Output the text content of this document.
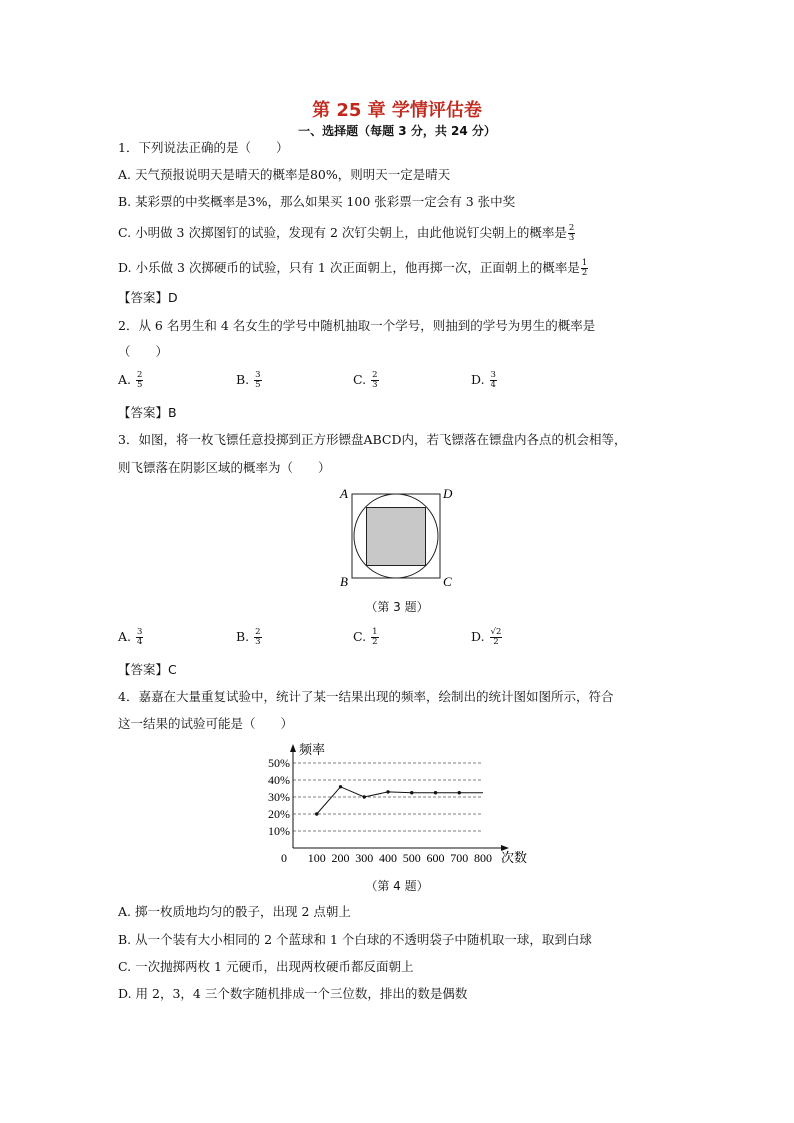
第 25 章 学情评估卷
一、选择题（每题 3 分，共 24 分）
1．下列说法正确的是（　　）
A. 天气预报说明天是晴天的概率是80%，则明天一定是晴天
B. 某彩票的中奖概率是3%，那么如果买 100 张彩票一定会有 3 张中奖
C. 小明做 3 次掷图钉的试验，发现有 2 次钉尖朝上，由此他说钉尖朝上的概率是 $\frac{2}{3}$
D. 小乐做 3 次掷硬币的试验，只有 1 次正面朝上，他再掷一次，正面朝上的概率是 $\frac{1}{2}$
【答案】D
2．从 6 名男生和 4 名女生的学号中随机抽取一个学号，则抽到的学号为男生的概率是
（　　）
A. $\frac{2}{5}$	B. $\frac{3}{5}$	C. $\frac{2}{3}$	D. $\frac{3}{4}$
【答案】B
3．如图，将一枚飞镖任意投掷到正方形镖盘ABCD内，若飞镖落在镖盘内各点的机会相等，
则飞镖落在阴影区域的概率为（　　）
A	D
B	C
（第 3 题）
A. $\frac{3}{4}$	B. $\frac{2}{3}$	C. $\frac{1}{2}$	D. $\frac{√2}{2}$
【答案】C
4．嘉嘉在大量重复试验中，统计了某一结果出现的频率，绘制出的统计图如图所示，符合
这一结果的试验可能是（　　）
10%
20%
30%
40%
50%
频率
次数
0 100 200 300 400 500 600 700 800
（第 4 题）
A. 掷一枚质地均匀的骰子，出现 2 点朝上
B. 从一个装有大小相同的 2 个蓝球和 1 个白球的不透明袋子中随机取一球，取到白球
C. 一次抛掷两枚 1 元硬币，出现两枚硬币都反面朝上
D. 用 2，3，4 三个数字随机排成一个三位数，排出的数是偶数
